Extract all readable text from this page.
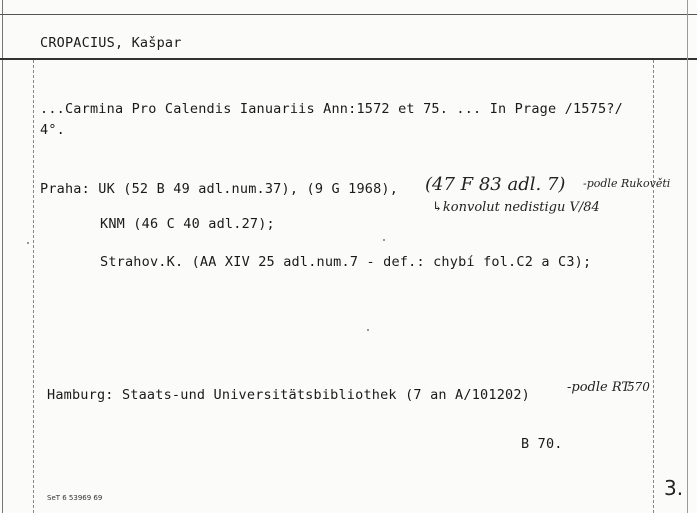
CROPACIUS, Kašpar
...Carmina Pro Calendis Ianuariis Ann:1572 et 75. ... In Prage /1575?/
4°.
Praha: UK (52 B 49 adl.num.37), (9 G 1968), (47 F 83 adl. 7) -podle Rukověti
↳konvolut nedistigu V/84
KNM (46 C 40 adl.27);
Strahov.K. (AA XIV 25 adl.num.7 - def.: chybí fol.C2 a C3);
Hamburg: Staats-und Universitätsbibliothek (7 an A/101202)	-podle RT
570
B 70.
3.
SeT 6 53969 69
